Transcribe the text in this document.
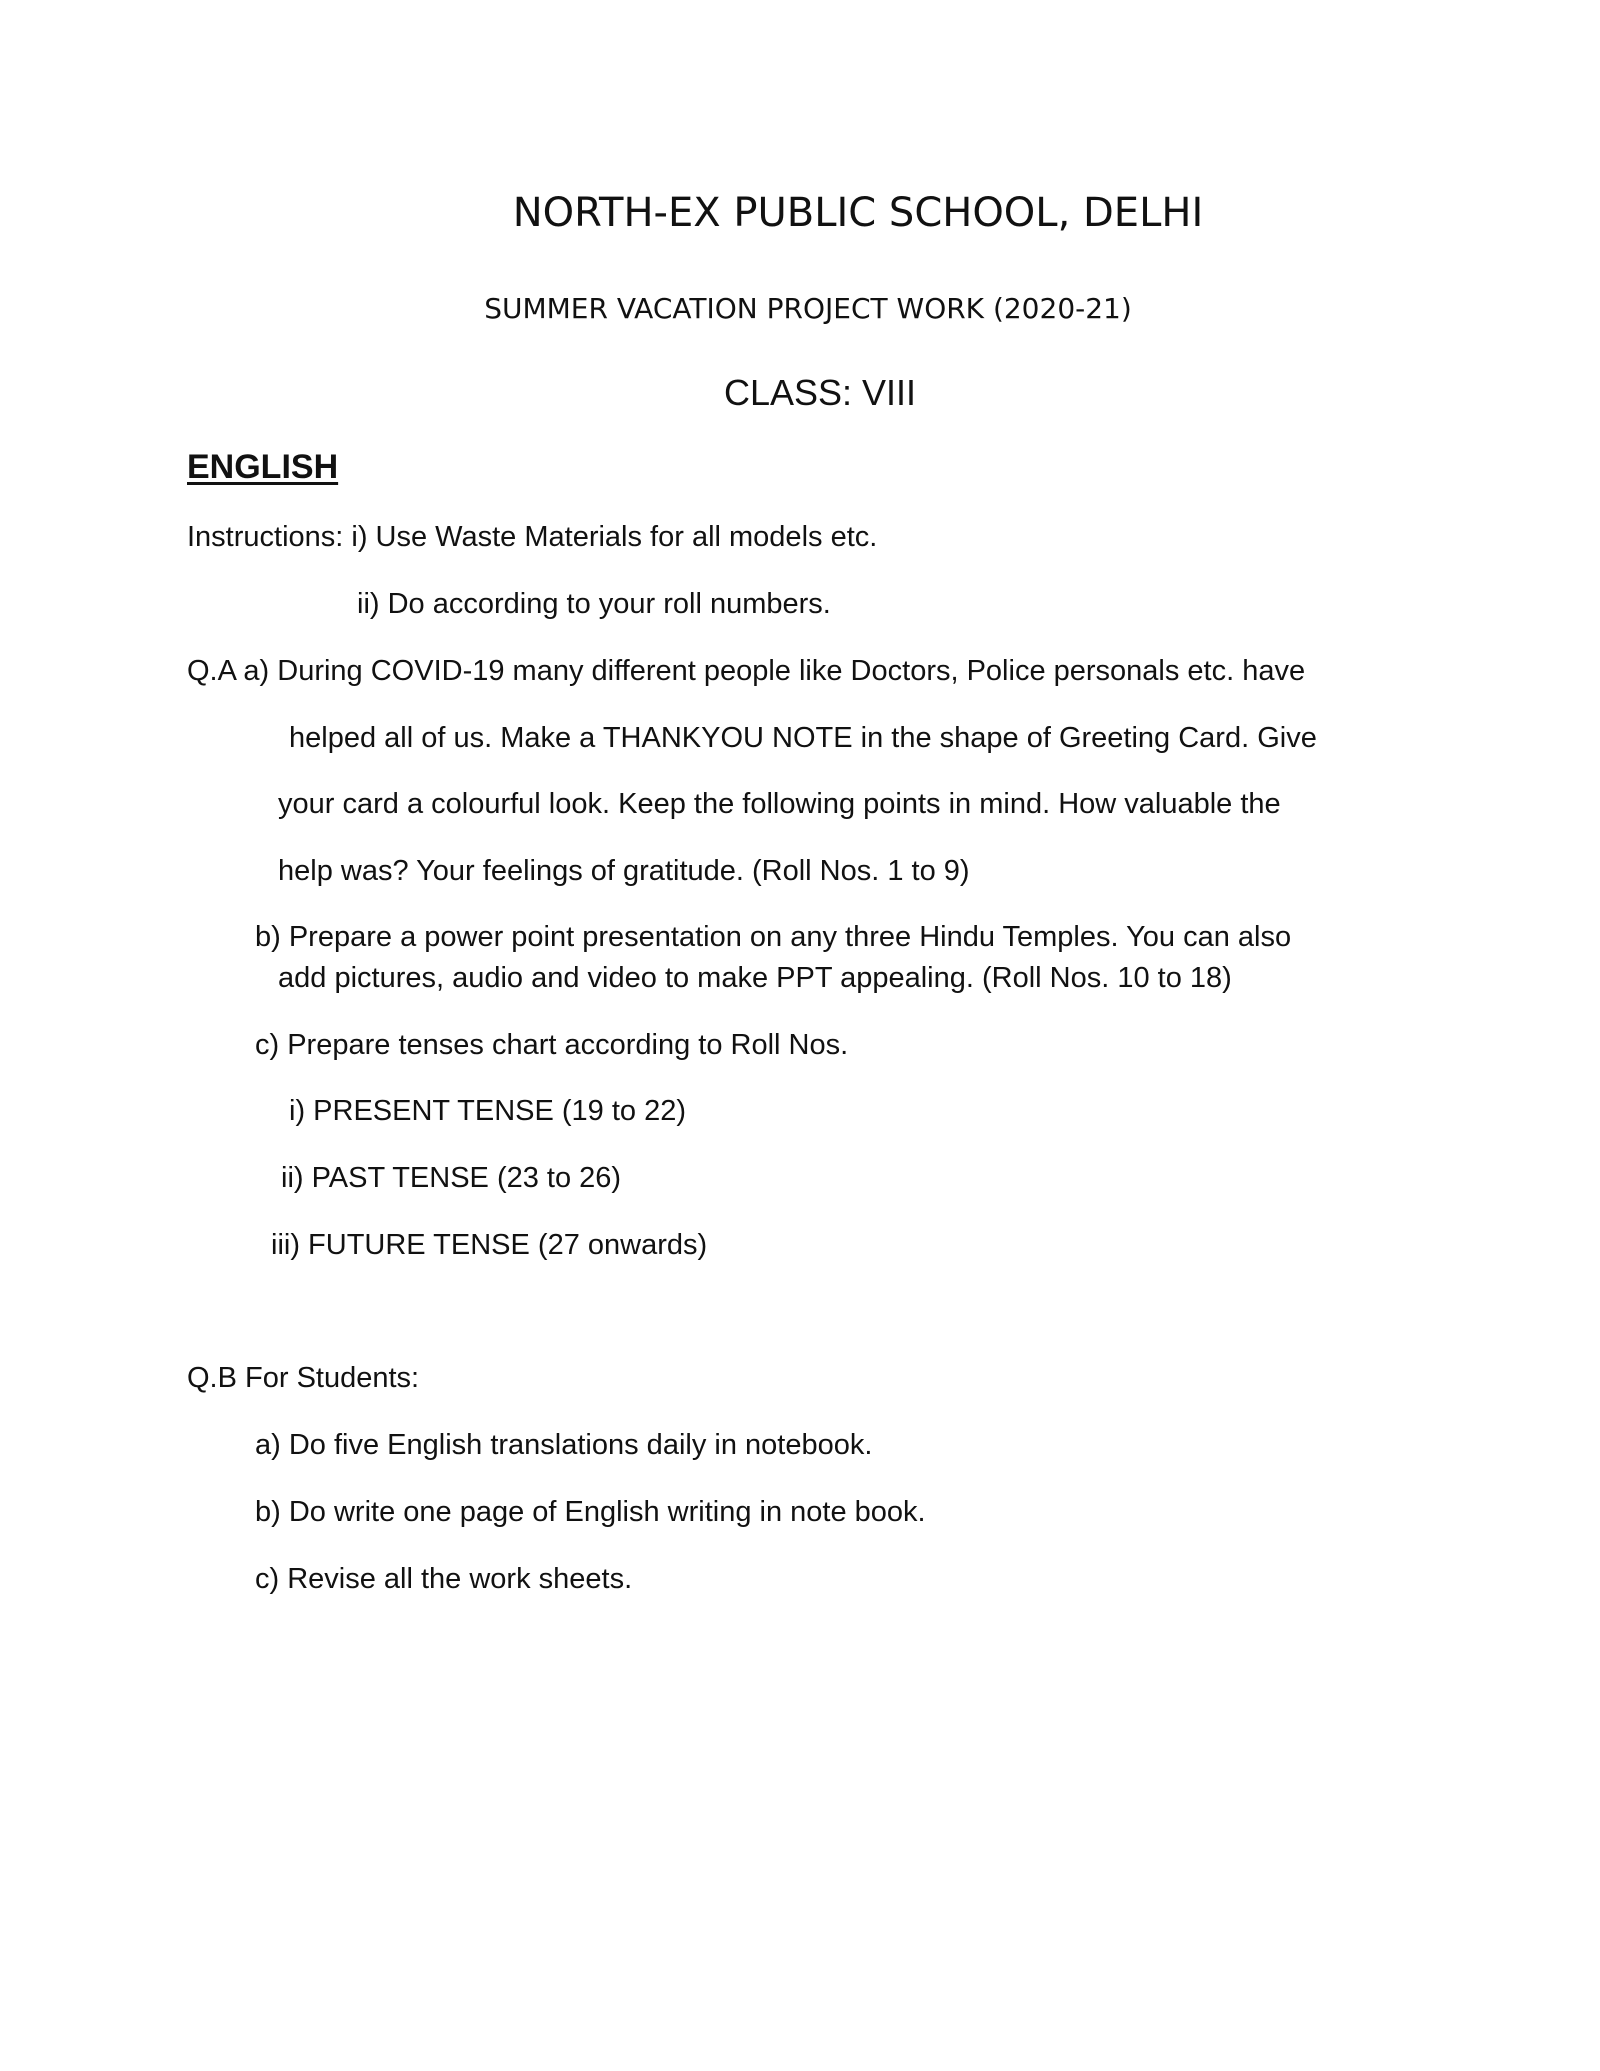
NORTH-EX PUBLIC SCHOOL, DELHI
SUMMER VACATION PROJECT WORK (2020-21)
CLASS: VIII
ENGLISH
Instructions: i) Use Waste Materials for all models etc.
ii) Do according to your roll numbers.
Q.A a) During COVID-19 many different people like Doctors, Police personals etc. have
helped all of us. Make a THANKYOU NOTE in the shape of Greeting Card. Give
your card a colourful look. Keep the following points in mind. How valuable the
help was? Your feelings of gratitude. (Roll Nos. 1 to 9)
b) Prepare a power point presentation on any three Hindu Temples. You can also
add pictures, audio and video to make PPT appealing. (Roll Nos. 10 to 18)
c) Prepare tenses chart according to Roll Nos.
i) PRESENT TENSE (19 to 22)
ii) PAST TENSE (23 to 26)
iii) FUTURE TENSE (27 onwards)
Q.B For Students:
a) Do five English translations daily in notebook.
b) Do write one page of English writing in note book.
c) Revise all the work sheets.
